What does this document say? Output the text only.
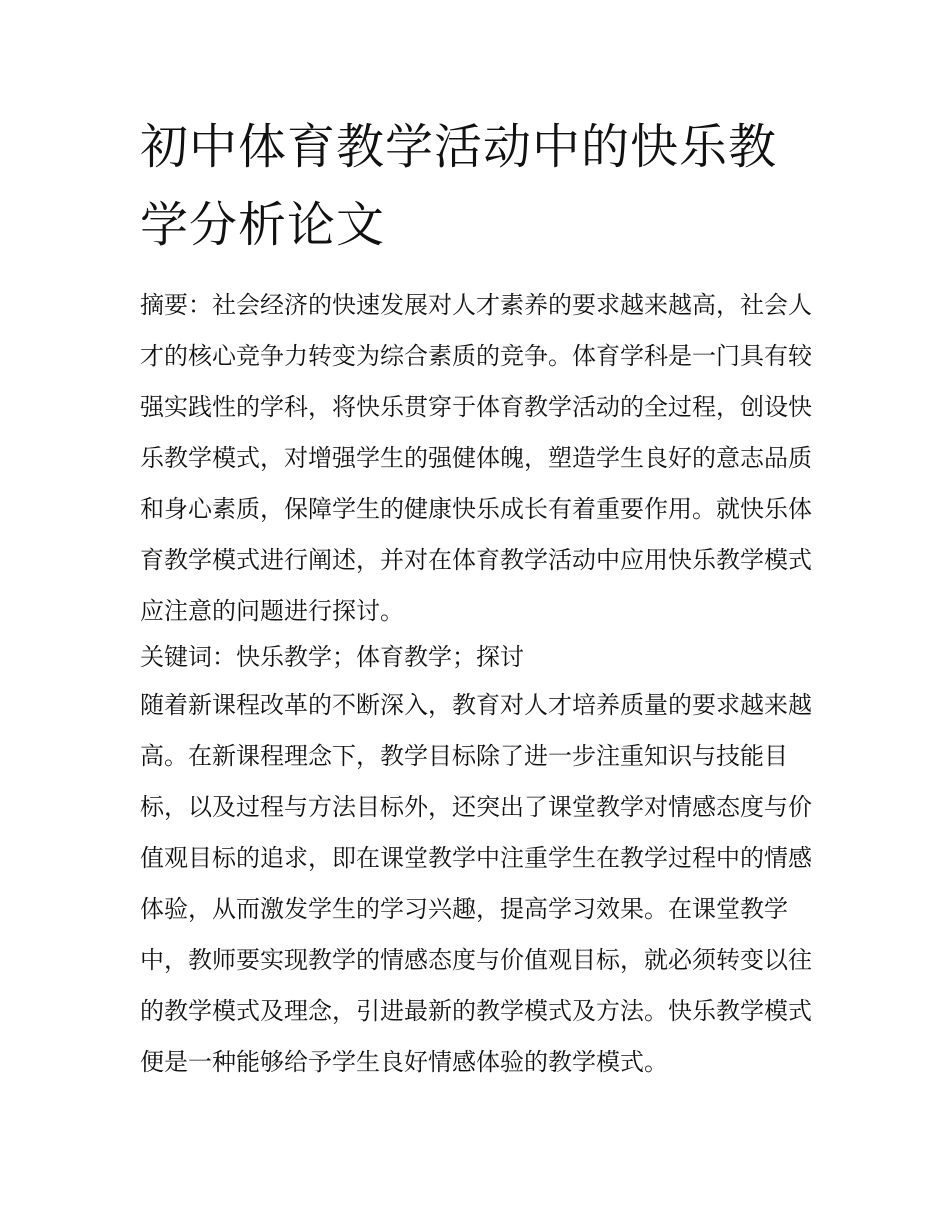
初中体育教学活动中的快乐教学分析论文

摘要：社会经济的快速发展对人才素养的要求越来越高，社会人才的核心竞争力转变为综合素质的竞争。体育学科是一门具有较强实践性的学科，将快乐贯穿于体育教学活动的全过程，创设快乐教学模式，对增强学生的强健体魄，塑造学生良好的意志品质和身心素质，保障学生的健康快乐成长有着重要作用。就快乐体育教学模式进行阐述，并对在体育教学活动中应用快乐教学模式应注意的问题进行探讨。

关键词：快乐教学；体育教学；探讨

随着新课程改革的不断深入，教育对人才培养质量的要求越来越高。在新课程理念下，教学目标除了进一步注重知识与技能目标，以及过程与方法目标外，还突出了课堂教学对情感态度与价值观目标的追求，即在课堂教学中注重学生在教学过程中的情感体验，从而激发学生的学习兴趣，提高学习效果。在课堂教学中，教师要实现教学的情感态度与价值观目标，就必须转变以往的教学模式及理念，引进最新的教学模式及方法。快乐教学模式便是一种能够给予学生良好情感体验的教学模式。
